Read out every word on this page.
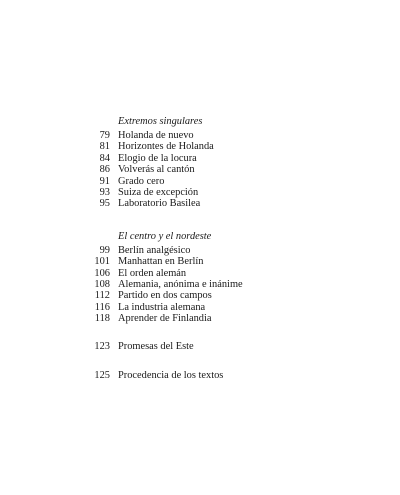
Extremos singulares
79 Holanda de nuevo
81 Horizontes de Holanda
84 Elogio de la locura
86 Volverás al cantón
91 Grado cero
93 Suiza de excepción
95 Laboratorio Basilea
El centro y el nordeste
99 Berlín analgésico
101 Manhattan en Berlín
106 El orden alemán
108 Alemania, anónima e inánime
112 Partido en dos campos
116 La industria alemana
118 Aprender de Finlandia
123 Promesas del Este
125 Procedencia de los textos
